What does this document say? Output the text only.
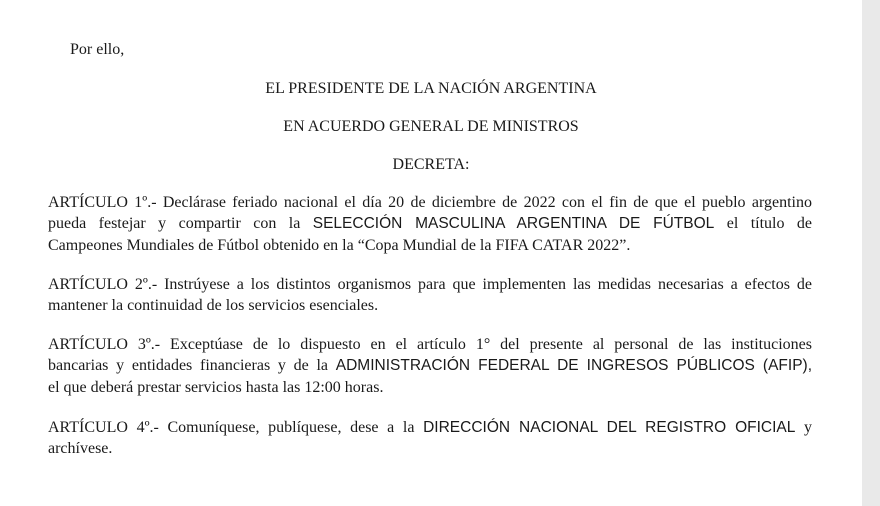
Por ello,
EL PRESIDENTE DE LA NACIÓN ARGENTINA
EN ACUERDO GENERAL DE MINISTROS
DECRETA:
ARTÍCULO 1º.- Declárase feriado nacional el día 20 de diciembre de 2022 con el fin de que el pueblo argentino
pueda festejar y compartir con la SELECCIÓN MASCULINA ARGENTINA DE FÚTBOL el título de
Campeones Mundiales de Fútbol obtenido en la “Copa Mundial de la FIFA CATAR 2022”.
ARTÍCULO 2º.- Instrúyese a los distintos organismos para que implementen las medidas necesarias a efectos de
mantener la continuidad de los servicios esenciales.
ARTÍCULO 3º.- Exceptúase de lo dispuesto en el artículo 1° del presente al personal de las instituciones
bancarias y entidades financieras y de la ADMINISTRACIÓN FEDERAL DE INGRESOS PÚBLICOS (AFIP),
el que deberá prestar servicios hasta las 12:00 horas.
ARTÍCULO 4º.- Comuníquese, publíquese, dese a la DIRECCIÓN NACIONAL DEL REGISTRO OFICIAL y
archívese.
